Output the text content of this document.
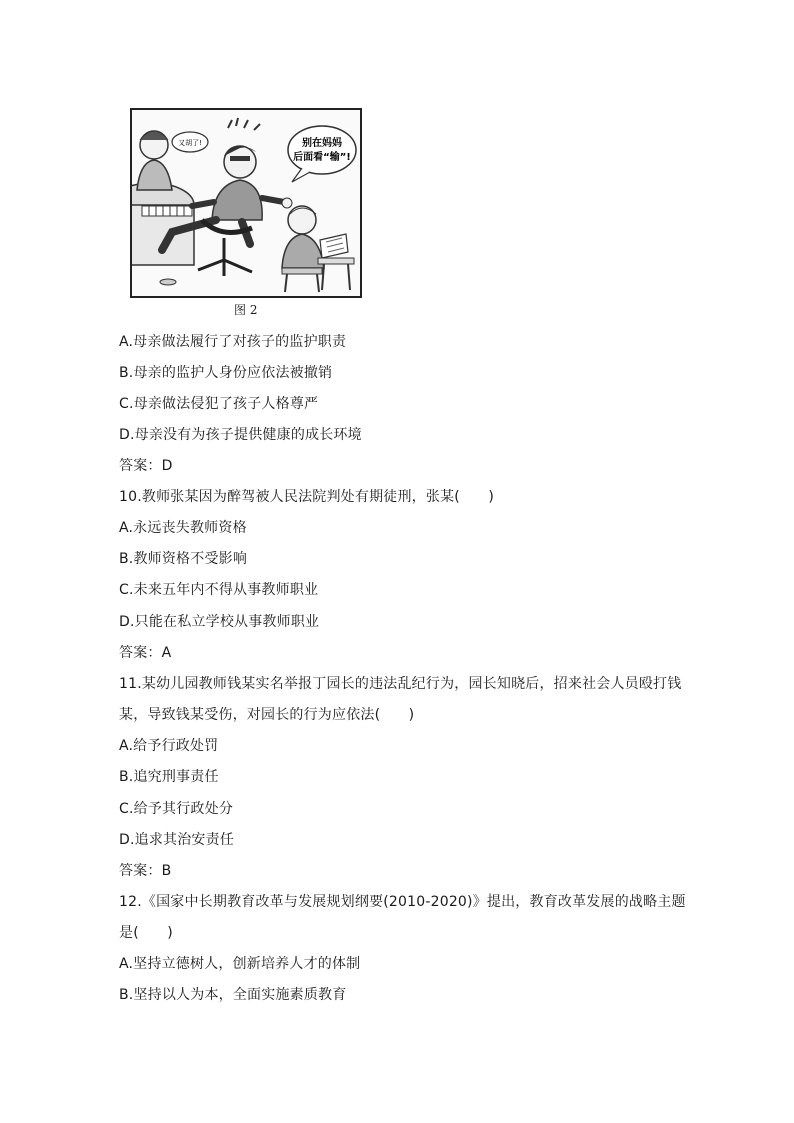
又胡了!	别在妈妈
后面看“输”!
图 2
A.母亲做法履行了对孩子的监护职责
B.母亲的监护人身份应依法被撤销
C.母亲做法侵犯了孩子人格尊严
D.母亲没有为孩子提供健康的成长环境
答案：D
10.教师张某因为醉驾被人民法院判处有期徒刑，张某(　　)
A.永远丧失教师资格
B.教师资格不受影响
C.未来五年内不得从事教师职业
D.只能在私立学校从事教师职业
答案：A
11.某幼儿园教师钱某实名举报丁园长的违法乱纪行为，园长知晓后，招来社会人员殴打钱
某，导致钱某受伤，对园长的行为应依法(　　)
A.给予行政处罚
B.追究刑事责任
C.给予其行政处分
D.追求其治安责任
答案：B
12.《国家中长期教育改革与发展规划纲要(2010-2020)》提出，教育改革发展的战略主题
是(　　)
A.坚持立德树人，创新培养人才的体制
B.坚持以人为本，全面实施素质教育
